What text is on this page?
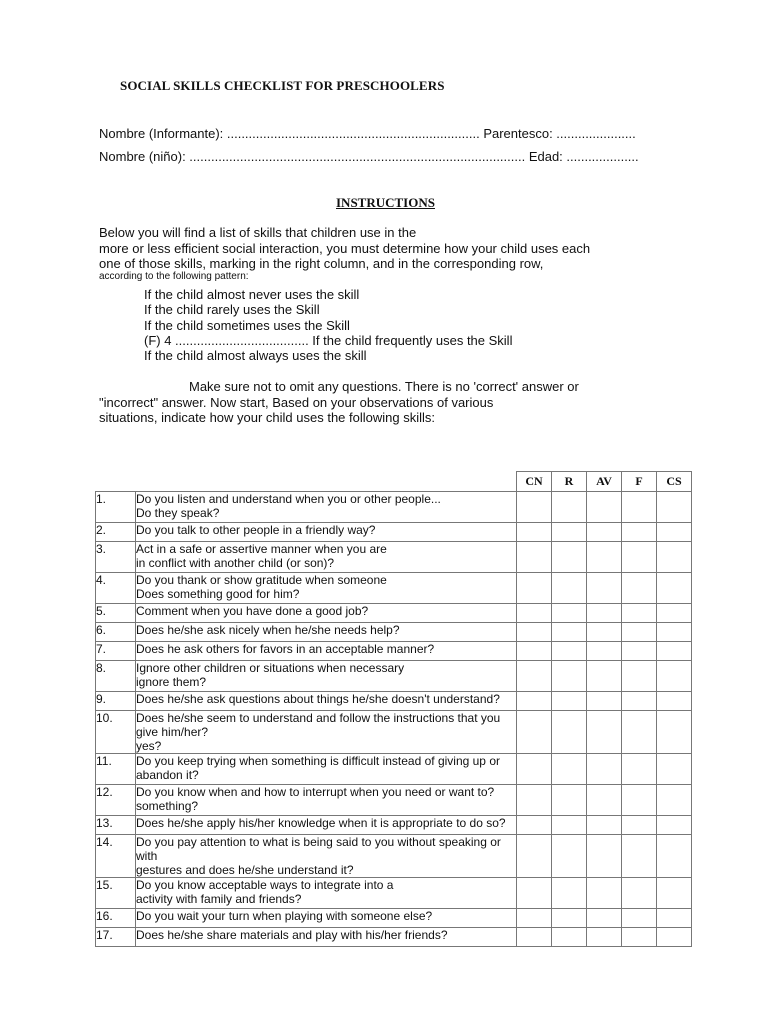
SOCIAL SKILLS CHECKLIST FOR PRESCHOOLERS
Nombre (Informante): ...................................................................... Parentesco: ......................
Nombre (niño): ............................................................................................. Edad: ....................
INSTRUCTIONS
Below you will find a list of skills that children use in the
more or less efficient social interaction, you must determine how your child uses each
one of those skills, marking in the right column, and in the corresponding row,
according to the following pattern:
If the child almost never uses the skill
If the child rarely uses the Skill
If the child sometimes uses the Skill
(F) 4 ..................................... If the child frequently uses the Skill
If the child almost always uses the skill
Make sure not to omit any questions. There is no 'correct' answer or
"incorrect" answer. Now start, Based on your observations of various
situations, indicate how your child uses the following skills:
		CN	R	AV	F	CS
1.	Do you listen and understand when you or other people...
Do they speak?					

2.	Do you talk to other people in a friendly way?					

3.	Act in a safe or assertive manner when you are
in conflict with another child (or son)?					

4.	Do you thank or show gratitude when someone
Does something good for him?					

5.	Comment when you have done a good job?					

6.	Does he/she ask nicely when he/she needs help?					

7.	Does he ask others for favors in an acceptable manner?					

8.	Ignore other children or situations when necessary
ignore them?					

9.	Does he/she ask questions about things he/she doesn't understand?					

10.	Does he/she seem to understand and follow the instructions that you give him/her?
yes?					

11.	Do you keep trying when something is difficult instead of giving up or
abandon it?					

12.	Do you know when and how to interrupt when you need or want to?
something?					

13.	Does he/she apply his/her knowledge when it is appropriate to do so?					

14.	Do you pay attention to what is being said to you without speaking or with
gestures and does he/she understand it?					

15.	Do you know acceptable ways to integrate into a
activity with family and friends?					

16.	Do you wait your turn when playing with someone else?					

17.	Does he/she share materials and play with his/her friends?					
